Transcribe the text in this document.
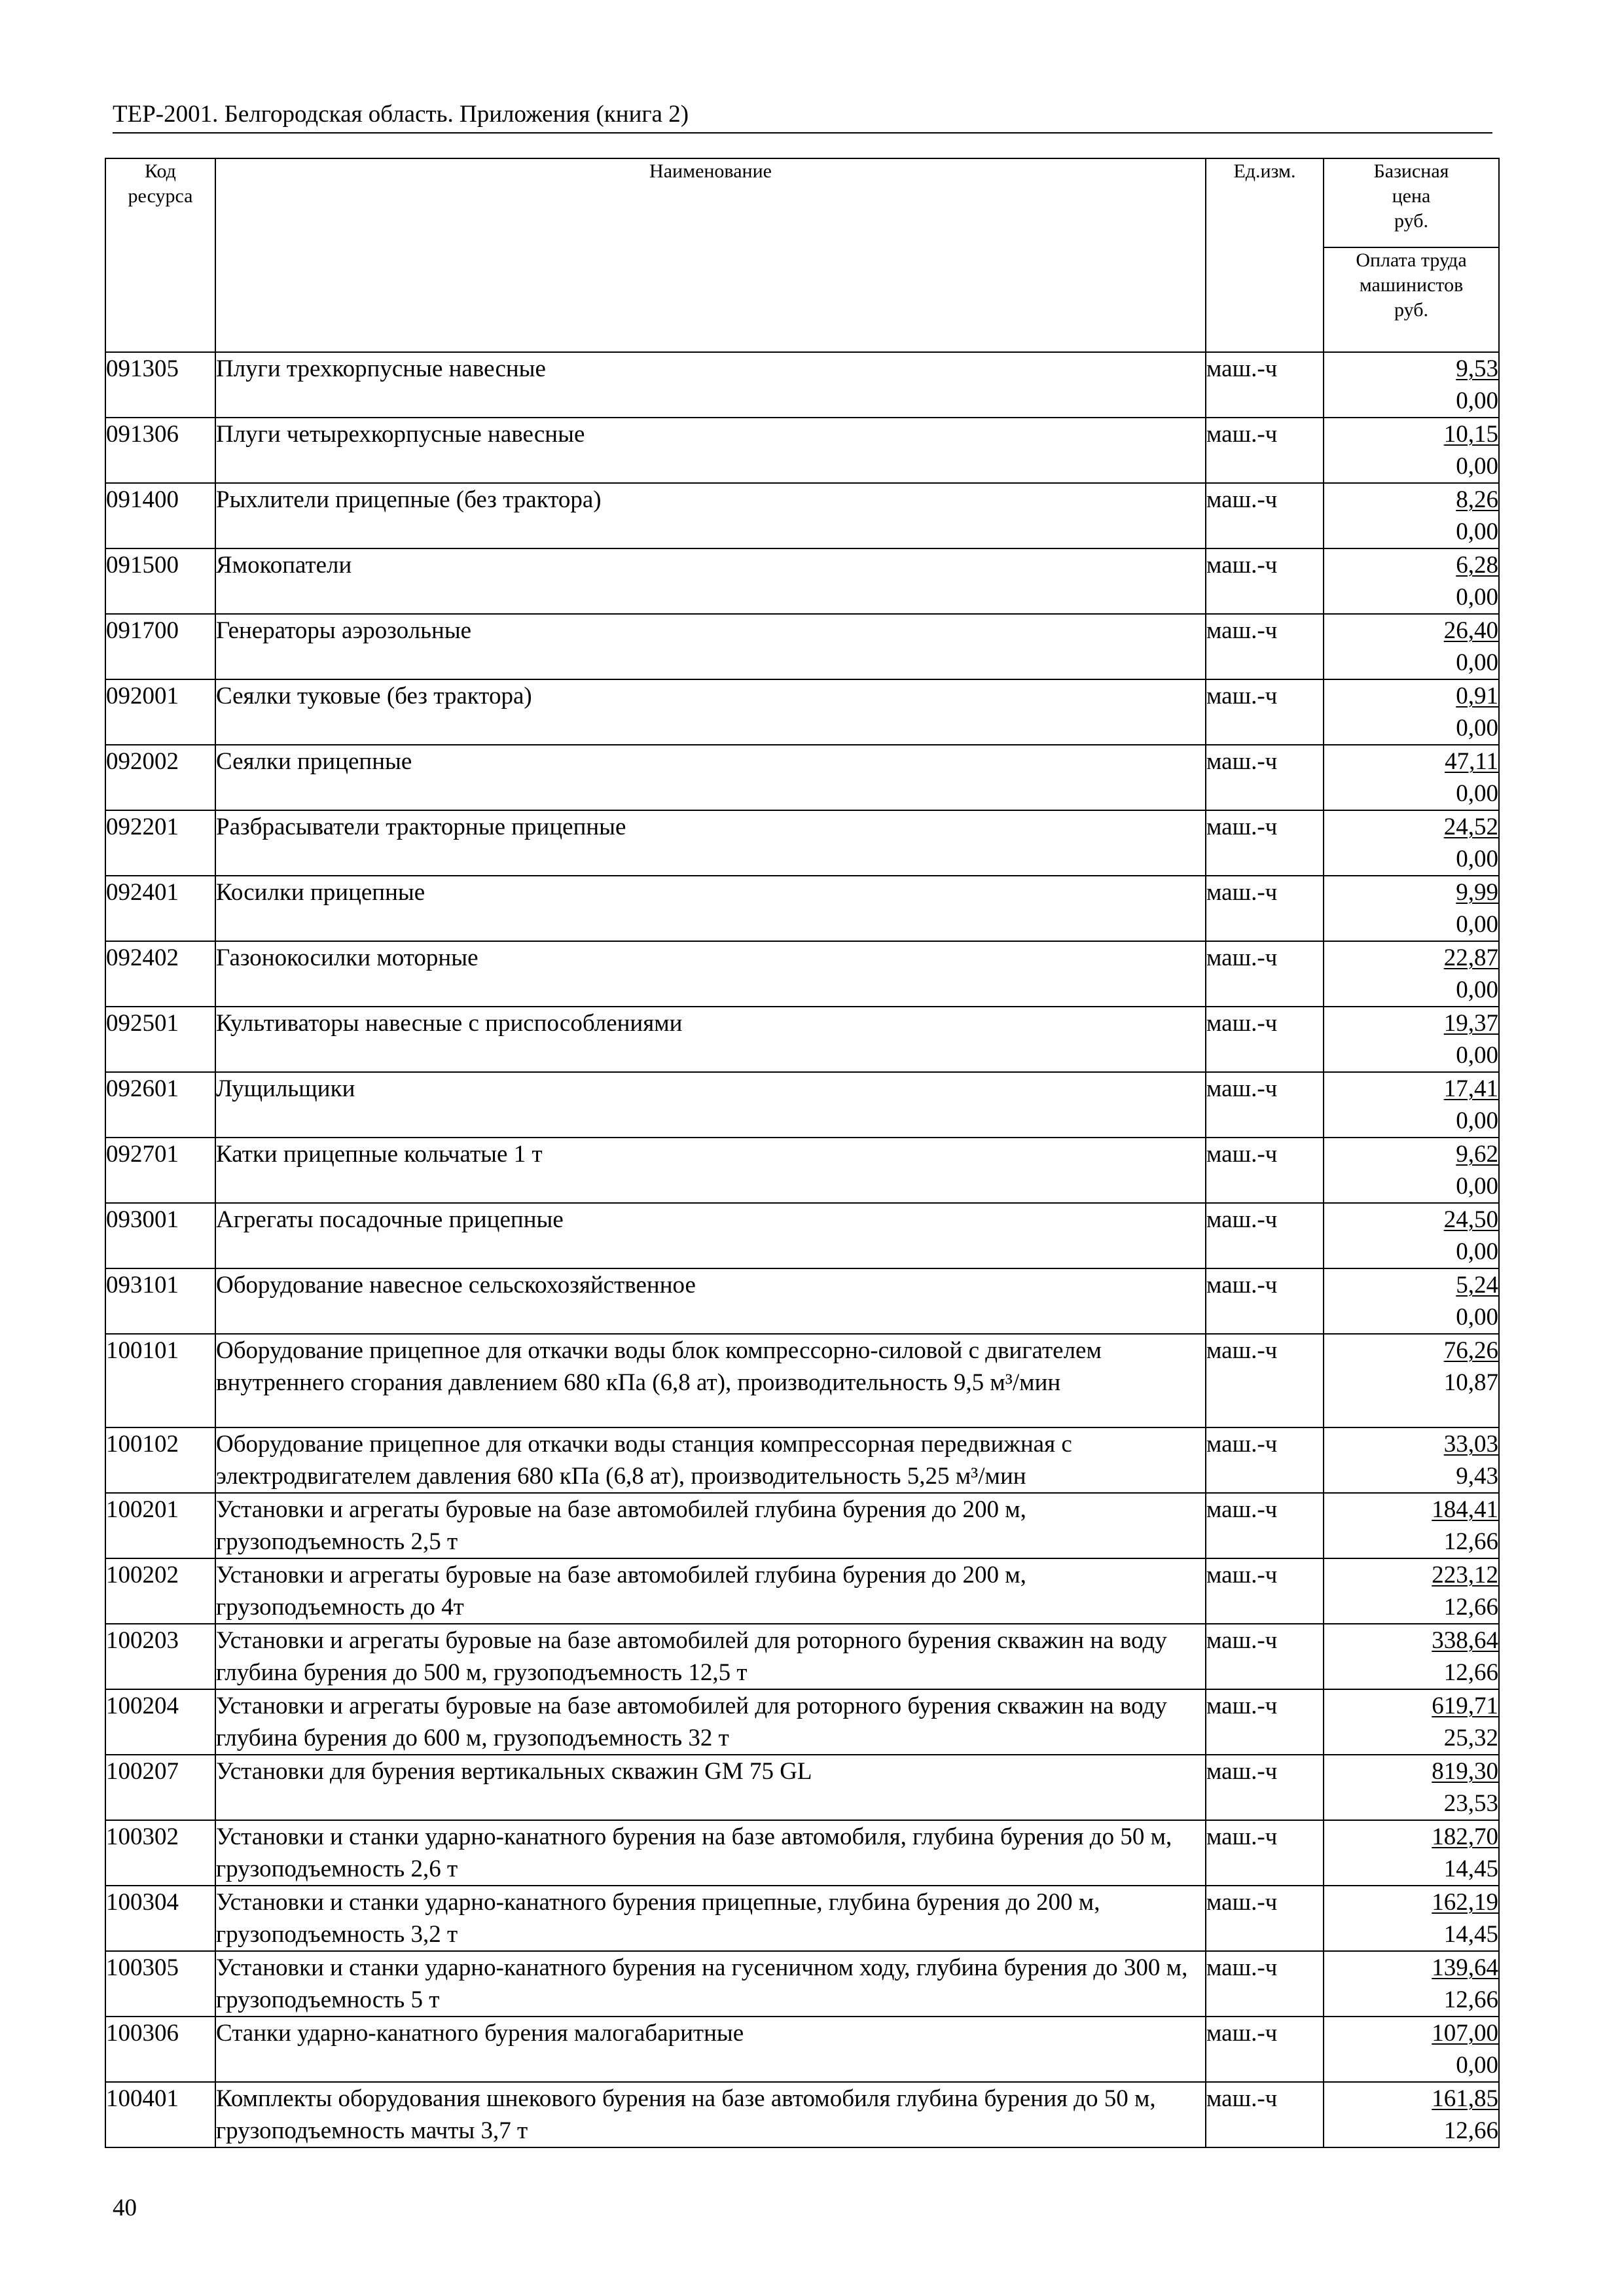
ТЕР-2001. Белгородская область. Приложения (книга 2)
Код
ресурса	Наименование	Ед.изм.	Базисная
цена
руб.
			Оплата труда
машинистов
руб.
091305	Плуги трехкорпусные навесные	маш.-ч	9,53
0,00

091306	Плуги четырехкорпусные навесные	маш.-ч	10,15
0,00

091400	Рыхлители прицепные (без трактора)	маш.-ч	8,26
0,00

091500	Ямокопатели	маш.-ч	6,28
0,00

091700	Генераторы аэрозольные	маш.-ч	26,40
0,00

092001	Сеялки туковые (без трактора)	маш.-ч	0,91
0,00

092002	Сеялки прицепные	маш.-ч	47,11
0,00

092201	Разбрасыватели тракторные прицепные	маш.-ч	24,52
0,00

092401	Косилки прицепные	маш.-ч	9,99
0,00

092402	Газонокосилки моторные	маш.-ч	22,87
0,00

092501	Культиваторы навесные с приспособлениями	маш.-ч	19,37
0,00

092601	Лущильщики	маш.-ч	17,41
0,00

092701	Катки прицепные кольчатые 1 т	маш.-ч	9,62
0,00

093001	Агрегаты посадочные прицепные	маш.-ч	24,50
0,00

093101	Оборудование навесное сельскохозяйственное	маш.-ч	5,24
0,00

100101	Оборудование прицепное для откачки воды блок компрессорно-силовой с двигателем внутреннего сгорания давлением 680 кПа (6,8 ат), производительность 9,5 м³/мин	маш.-ч	76,26
10,87

100102	Оборудование прицепное для откачки воды станция компрессорная передвижная с электродвигателем давления 680 кПа (6,8 ат), производительность 5,25 м³/мин	маш.-ч	33,03
9,43

100201	Установки и агрегаты буровые на базе автомобилей глубина бурения до 200 м, грузоподъемность 2,5 т	маш.-ч	184,41
12,66

100202	Установки и агрегаты буровые на базе автомобилей глубина бурения до 200 м, грузоподъемность до 4т	маш.-ч	223,12
12,66

100203	Установки и агрегаты буровые на базе автомобилей для роторного бурения скважин на воду глубина бурения до 500 м, грузоподъемность 12,5 т	маш.-ч	338,64
12,66

100204	Установки и агрегаты буровые на базе автомобилей для роторного бурения скважин на воду глубина бурения до 600 м, грузоподъемность 32 т	маш.-ч	619,71
25,32

100207	Установки для бурения вертикальных скважин GM 75 GL	маш.-ч	819,30
23,53

100302	Установки и станки ударно-канатного бурения на базе автомобиля, глубина бурения до 50 м, грузоподъемность 2,6 т	маш.-ч	182,70
14,45

100304	Установки и станки ударно-канатного бурения прицепные, глубина бурения до 200 м, грузоподъемность 3,2 т	маш.-ч	162,19
14,45

100305	Установки и станки ударно-канатного бурения на гусеничном ходу, глубина бурения до 300 м, грузоподъемность 5 т	маш.-ч	139,64
12,66

100306	Станки ударно-канатного бурения малогабаритные	маш.-ч	107,00
0,00

100401	Комплекты оборудования шнекового бурения на базе автомобиля глубина бурения до 50 м, грузоподъемность мачты 3,7 т	маш.-ч	161,85
12,66
40
